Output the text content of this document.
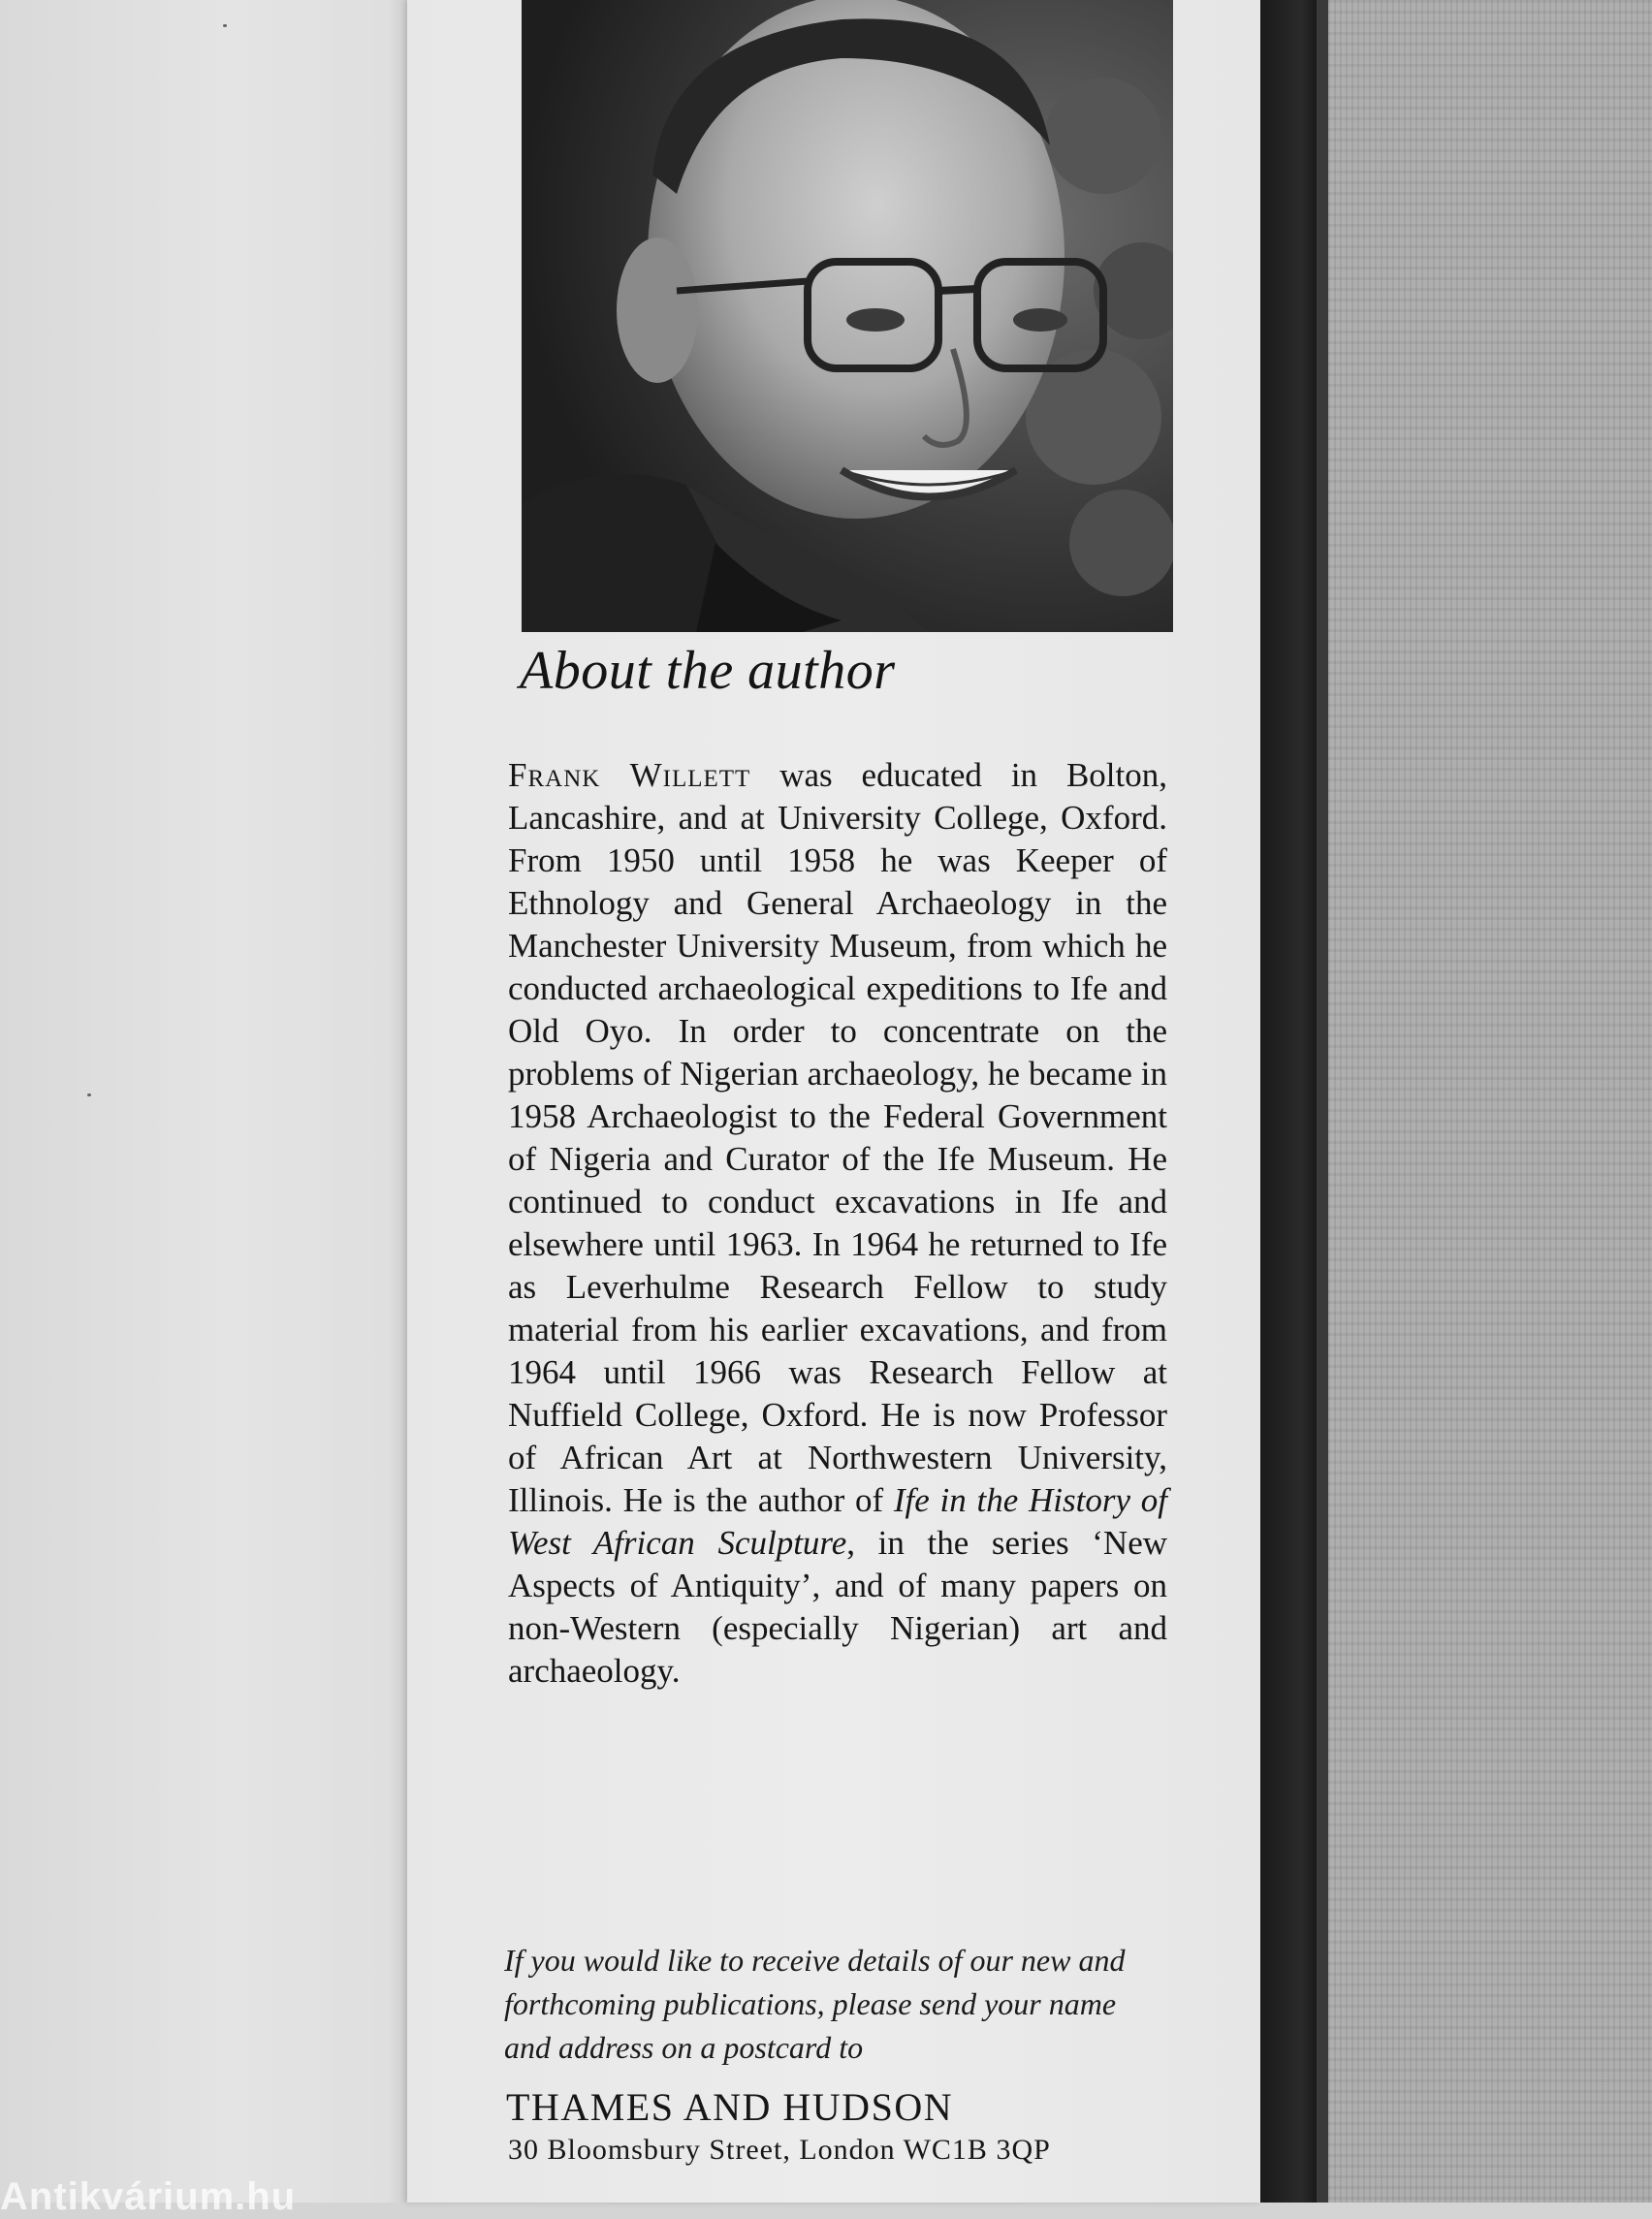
About the author

Frank Willett was educated in Bolton, Lancashire, and at University College, Oxford. From 1950 until 1958 he was Keeper of Ethnology and General Archaeology in the Manchester University Museum, from which he conducted archaeological expeditions to Ife and Old Oyo. In order to concentrate on the problems of Nigerian archaeology, he became in 1958 Archaeologist to the Federal Government of Nigeria and Curator of the Ife Museum. He continued to conduct excavations in Ife and elsewhere until 1963. In 1964 he returned to Ife as Leverhulme Research Fellow to study material from his earlier excavations, and from 1964 until 1966 was Research Fellow at Nuffield College, Oxford. He is now Professor of African Art at Northwestern University, Illinois. He is the author of Ife in the History of West African Sculpture, in the series ‘New Aspects of Antiquity’, and of many papers on non-Western (especially Nigerian) art and archaeology.

If you would like to receive details of our new and forthcoming publications, please send your name and address on a postcard to

THAMES AND HUDSON

30 Bloomsbury Street, London WC1B 3QP

Antikvárium.hu
